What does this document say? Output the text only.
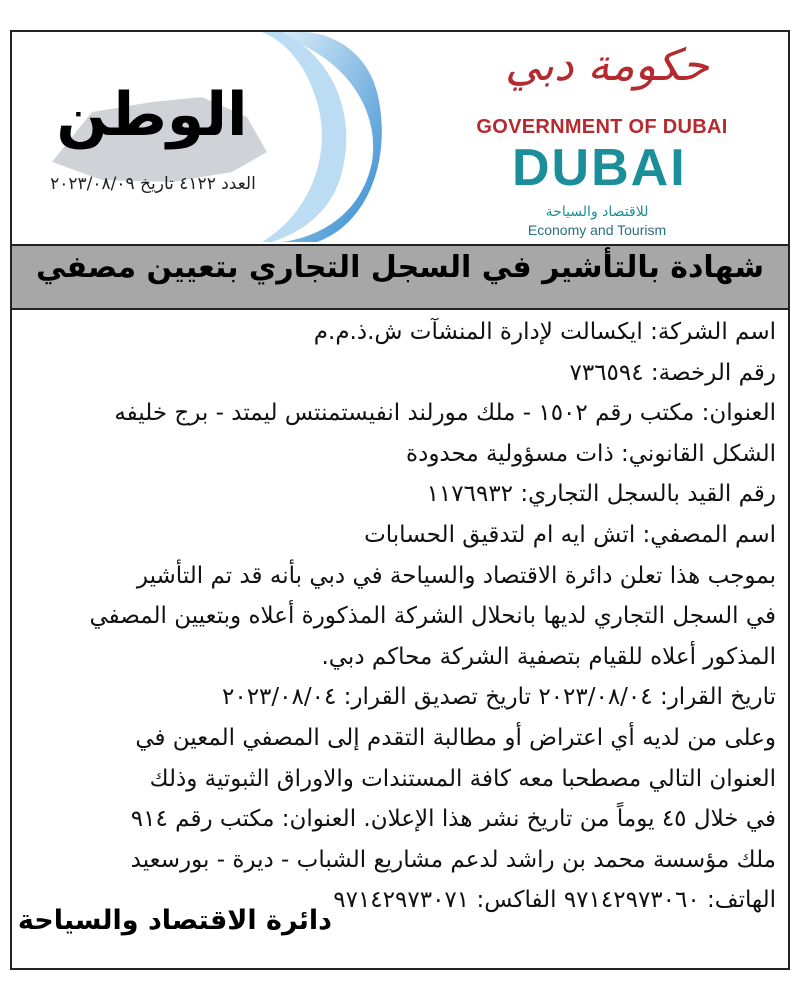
الوطن
العدد ٤١٢٢ تاريخ ٢٠٢٣/٠٨/٠٩
حكومة دبي
GOVERNMENT OF DUBAI
DUBAI
للاقتصاد والسياحة
Economy and Tourism
شهادة بالتأشير في السجل التجاري بتعيين مصفي

اسم الشركة: ايكسالت لإدارة المنشآت ش.ذ.م.م

رقم الرخصة: ٧٣٦٥٩٤

العنوان: مكتب رقم ١٥٠٢ - ملك مورلند انفيستمنتس ليمتد - برج خليفه

الشكل القانوني: ذات مسؤولية محدودة

رقم القيد بالسجل التجاري: ١١٧٦٩٣٢

اسم المصفي: اتش ايه ام لتدقيق الحسابات

بموجب هذا تعلن دائرة الاقتصاد والسياحة في دبي بأنه قد تم التأشير

في السجل التجاري لديها بانحلال الشركة المذكورة أعلاه وبتعيين المصفي

المذكور أعلاه للقيام بتصفية الشركة محاكم دبي.

تاريخ القرار: ٢٠٢٣/٠٨/٠٤ تاريخ تصديق القرار: ٢٠٢٣/٠٨/٠٤

وعلى من لديه أي اعتراض أو مطالبة التقدم إلى المصفي المعين في

العنوان التالي مصطحبا معه كافة المستندات والاوراق الثبوتية وذلك

في خلال ٤٥ يوماً من تاريخ نشر هذا الإعلان. العنوان: مكتب رقم ٩١٤

ملك مؤسسة محمد بن راشد لدعم مشاريع الشباب - ديرة - بورسعيد

الهاتف: ٩٧١٤٢٩٧٣٠٦٠ الفاكس: ٩٧١٤٢٩٧٣٠٧١

دائرة الاقتصاد والسياحة
